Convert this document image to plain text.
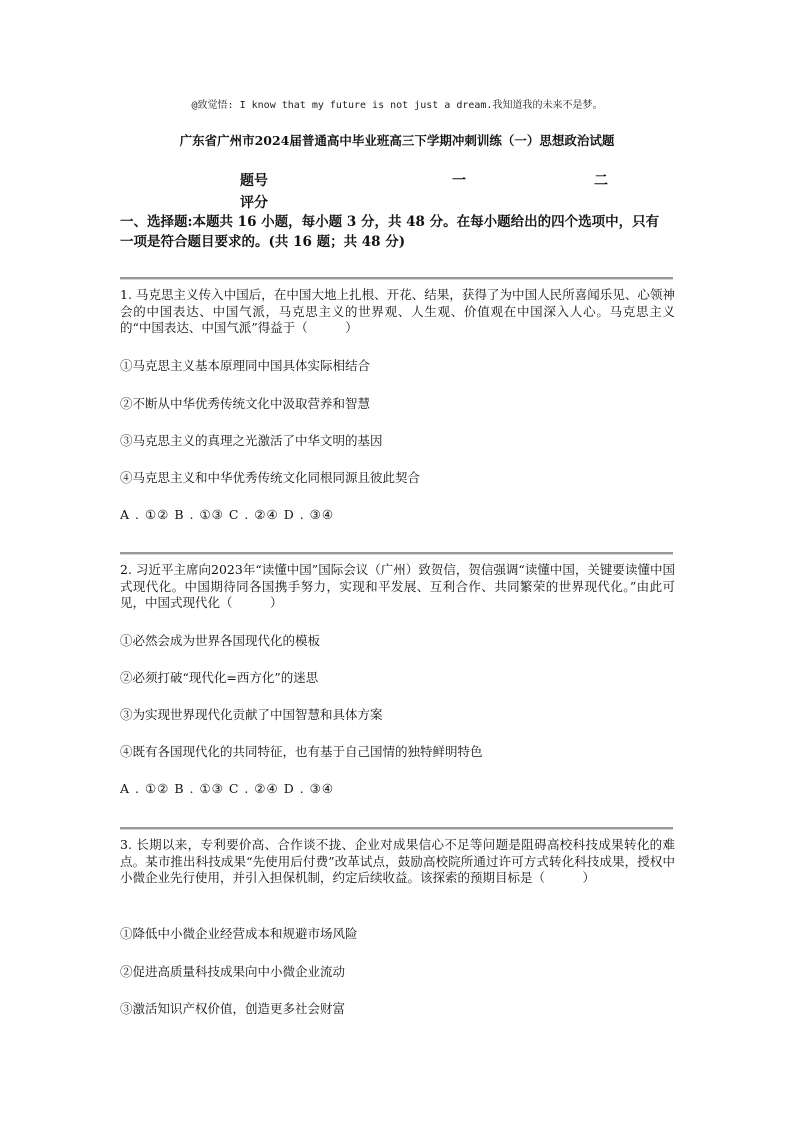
@致觉悟: I know that my future is not just a dream.我知道我的未来不是梦。
广东省广州市2024届普通高中毕业班高三下学期冲刺训练（一）思想政治试题
题号	一	二
评分
一、选择题:本题共 16 小题，每小题 3 分，共 48 分。在每小题给出的四个选项中，只有
一项是符合题目要求的。(共 16 题；共 48 分)
1. 马克思主义传入中国后，在中国大地上扎根、开花、结果，获得了为中国人民所喜闻乐见、心领神会的中国表达、中国气派，马克思主义的世界观、人生观、价值观在中国深入人心。马克思主义的“中国表达、中国气派”得益于（　　　）
①马克思主义基本原理同中国具体实际相结合
②不断从中华优秀传统文化中汲取营养和智慧
③马克思主义的真理之光激活了中华文明的基因
④马克思主义和中华优秀传统文化同根同源且彼此契合
A . ①② B . ①③ C . ②④ D . ③④
2. 习近平主席向2023年“读懂中国”国际会议（广州）致贺信，贺信强调“读懂中国，关键要读懂中国式现代化。中国期待同各国携手努力，实现和平发展、互利合作、共同繁荣的世界现代化。”由此可见，中国式现代化（　　　）
①必然会成为世界各国现代化的模板
②必须打破“现代化=西方化”的迷思
③为实现世界现代化贡献了中国智慧和具体方案
④既有各国现代化的共同特征，也有基于自己国情的独特鲜明特色
A . ①② B . ①③ C . ②④ D . ③④
3. 长期以来，专利要价高、合作谈不拢、企业对成果信心不足等问题是阻碍高校科技成果转化的难点。某市推出科技成果“先使用后付费”改革试点，鼓励高校院所通过许可方式转化科技成果，授权中小微企业先行使用，并引入担保机制，约定后续收益。该探索的预期目标是（　　　）
①降低中小微企业经营成本和规避市场风险
②促进高质量科技成果向中小微企业流动
③激活知识产权价值，创造更多社会财富
